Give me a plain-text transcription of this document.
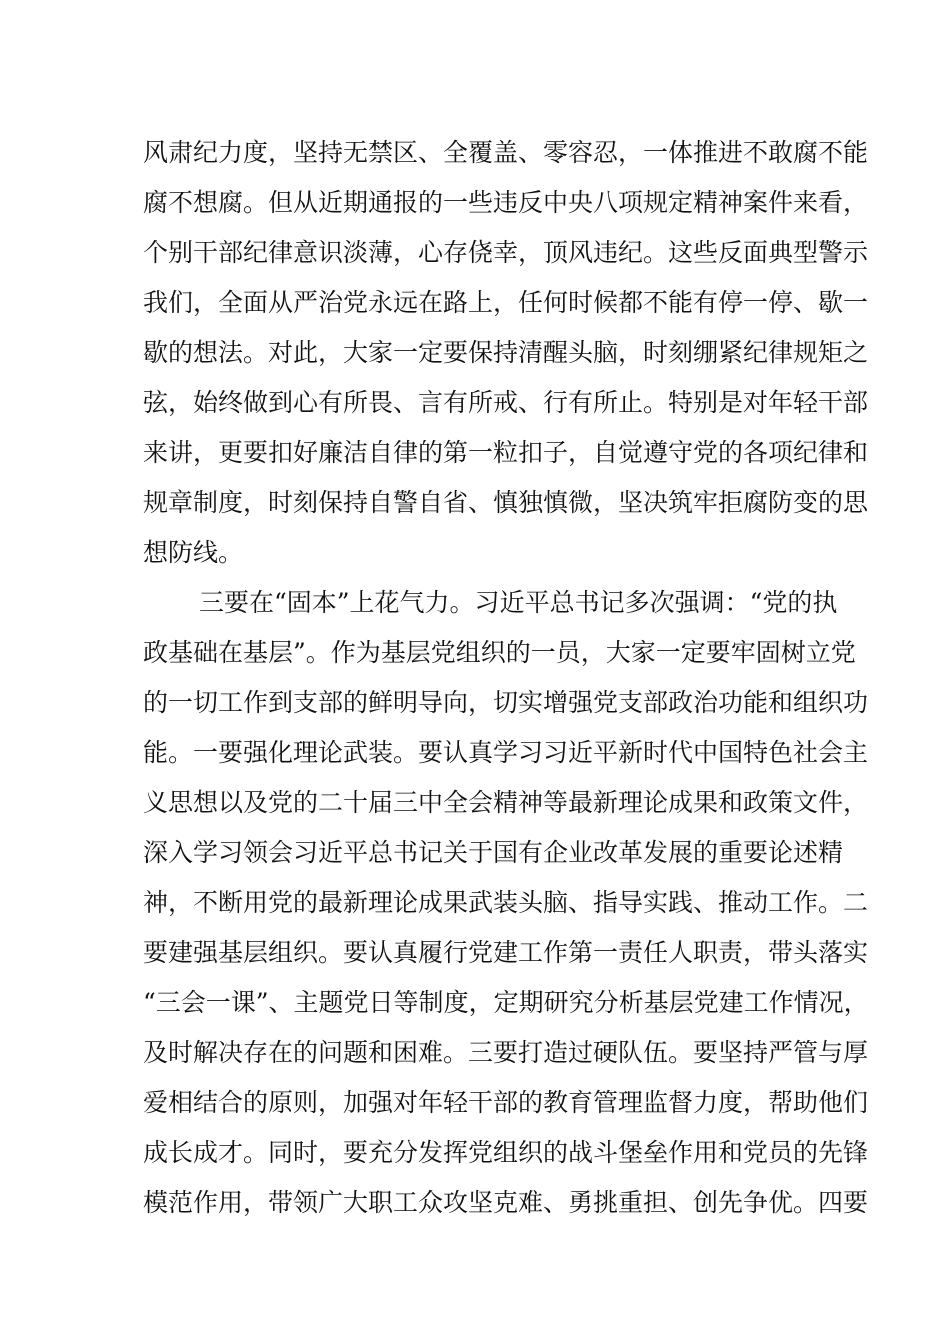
风肃纪力度，坚持无禁区、全覆盖、零容忍，一体推进不敢腐不能
腐不想腐。但从近期通报的一些违反中央八项规定精神案件来看，
个别干部纪律意识淡薄，心存侥幸，顶风违纪。这些反面典型警示
我们，全面从严治党永远在路上，任何时候都不能有停一停、歇一
歇的想法。对此，大家一定要保持清醒头脑，时刻绷紧纪律规矩之
弦，始终做到心有所畏、言有所戒、行有所止。特别是对年轻干部
来讲，更要扣好廉洁自律的第一粒扣子，自觉遵守党的各项纪律和
规章制度，时刻保持自警自省、慎独慎微，坚决筑牢拒腐防变的思
想防线。
三要在“固本”上花气力。习近平总书记多次强调：“党的执
政基础在基层”。作为基层党组织的一员，大家一定要牢固树立党
的一切工作到支部的鲜明导向，切实增强党支部政治功能和组织功
能。一要强化理论武装。要认真学习习近平新时代中国特色社会主
义思想以及党的二十届三中全会精神等最新理论成果和政策文件，
深入学习领会习近平总书记关于国有企业改革发展的重要论述精
神，不断用党的最新理论成果武装头脑、指导实践、推动工作。二
要建强基层组织。要认真履行党建工作第一责任人职责，带头落实
“三会一课”、主题党日等制度，定期研究分析基层党建工作情况，
及时解决存在的问题和困难。三要打造过硬队伍。要坚持严管与厚
爱相结合的原则，加强对年轻干部的教育管理监督力度，帮助他们
成长成才。同时，要充分发挥党组织的战斗堡垒作用和党员的先锋
模范作用，带领广大职工众攻坚克难、勇挑重担、创先争优。四要
